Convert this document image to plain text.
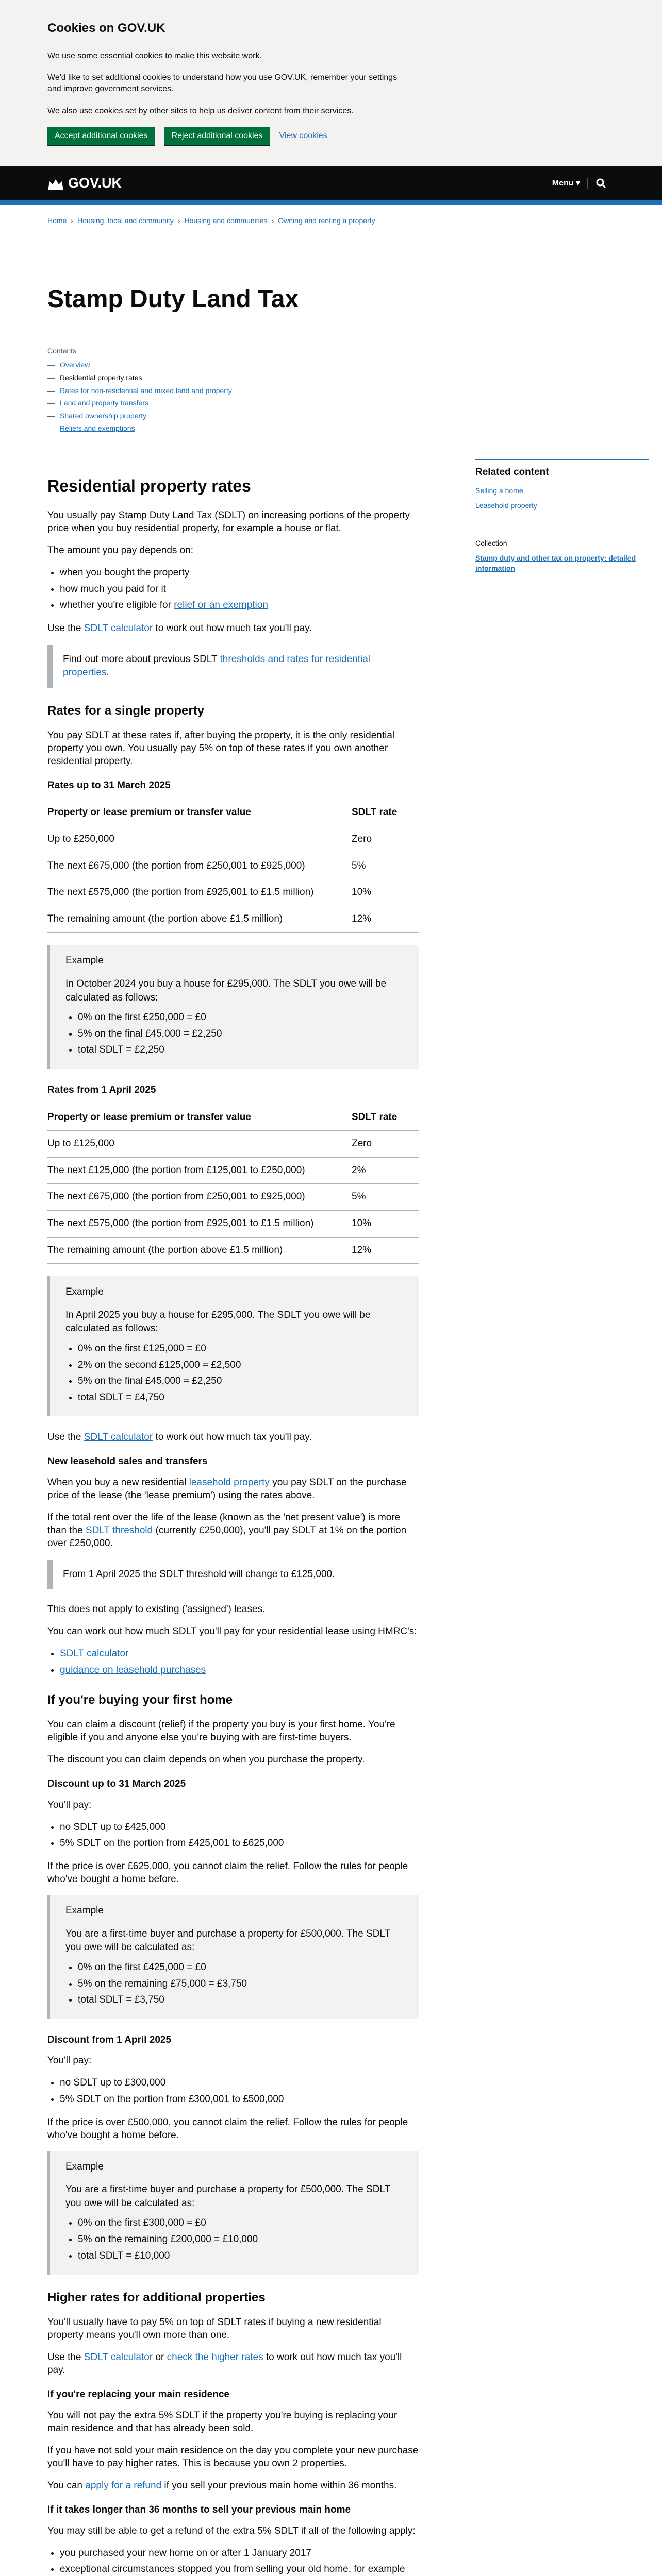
Cookies on GOV.UK

We use some essential cookies to make this website work.

We'd like to set additional cookies to understand how you use GOV.UK, remember your settings and improve government services.

We also use cookies set by other sites to help us deliver content from their services.

Accept additional cookies	Reject additional cookies	View cookies
GOV.UK	Menu ▾
Home › Housing, local and community › Housing and communities › Owning and renting a property
Stamp Duty Land Tax
Contents
— Overview
— Residential property rates
— Rates for non-residential and mixed land and property
— Land and property transfers
— Shared ownership property
— Reliefs and exemptions
Residential property rates

You usually pay Stamp Duty Land Tax (SDLT) on increasing portions of the property price when you buy residential property, for example a house or flat.

The amount you pay depends on:

• when you bought the property
• how much you paid for it
• whether you're eligible for relief or an exemption

Use the SDLT calculator to work out how much tax you'll pay.

Find out more about previous SDLT thresholds and rates for residential properties.
Rates for a single property

You pay SDLT at these rates if, after buying the property, it is the only residential property you own. You usually pay 5% on top of these rates if you own another residential property.

Rates up to 31 March 2025
Property or lease premium or transfer value	SDLT rate
Up to £250,000	Zero
The next £675,000 (the portion from £250,001 to £925,000)	5%
The next £575,000 (the portion from £925,001 to £1.5 million)	10%
The remaining amount (the portion above £1.5 million)	12%
Example
In October 2024 you buy a house for £295,000. The SDLT you owe will be calculated as follows:
• 0% on the first £250,000 = £0
• 5% on the final £45,000 = £2,250
• total SDLT = £2,250
Rates from 1 April 2025
Property or lease premium or transfer value	SDLT rate
Up to £125,000	Zero
The next £125,000 (the portion from £125,001 to £250,000)	2%
The next £675,000 (the portion from £250,001 to £925,000)	5%
The next £575,000 (the portion from £925,001 to £1.5 million)	10%
The remaining amount (the portion above £1.5 million)	12%
Example
In April 2025 you buy a house for £295,000. The SDLT you owe will be calculated as follows:
• 0% on the first £125,000 = £0
• 2% on the second £125,000 = £2,500
• 5% on the final £45,000 = £2,250
• total SDLT = £4,750

Use the SDLT calculator to work out how much tax you'll pay.

New leasehold sales and transfers

When you buy a new residential leasehold property you pay SDLT on the purchase price of the lease (the 'lease premium') using the rates above.

If the total rent over the life of the lease (known as the 'net present value') is more than the SDLT threshold (currently £250,000), you'll pay SDLT at 1% on the portion over £250,000.

From 1 April 2025 the SDLT threshold will change to £125,000.

This does not apply to existing ('assigned') leases.

You can work out how much SDLT you'll pay for your residential lease using HMRC's:

• SDLT calculator
• guidance on leasehold purchases
If you're buying your first home

You can claim a discount (relief) if the property you buy is your first home. You're eligible if you and anyone else you're buying with are first-time buyers.

The discount you can claim depends on when you purchase the property.

Discount up to 31 March 2025

You'll pay:

• no SDLT up to £425,000
• 5% SDLT on the portion from £425,001 to £625,000

If the price is over £625,000, you cannot claim the relief. Follow the rules for people who've bought a home before.

Example
You are a first-time buyer and purchase a property for £500,000. The SDLT you owe will be calculated as:
• 0% on the first £425,000 = £0
• 5% on the remaining £75,000 = £3,750
• total SDLT = £3,750
Discount from 1 April 2025

You'll pay:

• no SDLT up to £300,000
• 5% SDLT on the portion from £300,001 to £500,000

If the price is over £500,000, you cannot claim the relief. Follow the rules for people who've bought a home before.

Example
You are a first-time buyer and purchase a property for £500,000. The SDLT you owe will be calculated as:
• 0% on the first £300,000 = £0
• 5% on the remaining £200,000 = £10,000
• total SDLT = £10,000
Higher rates for additional properties

You'll usually have to pay 5% on top of SDLT rates if buying a new residential property means you'll own more than one.

Use the SDLT calculator or check the higher rates to work out how much tax you'll pay.

If you're replacing your main residence

You will not pay the extra 5% SDLT if the property you're buying is replacing your main residence and that has already been sold.

If you have not sold your main residence on the day you complete your new purchase you'll have to pay higher rates. This is because you own 2 properties.

You can apply for a refund if you sell your previous main home within 36 months.

If it takes longer than 36 months to sell your previous main home

You may still be able to get a refund of the extra 5% SDLT if all of the following apply:

• you purchased your new home on or after 1 January 2017
• exceptional circumstances stopped you from selling your old home, for example

Related content
Selling a home
Leasehold property
Collection
Stamp duty and other tax on property: detailed information
